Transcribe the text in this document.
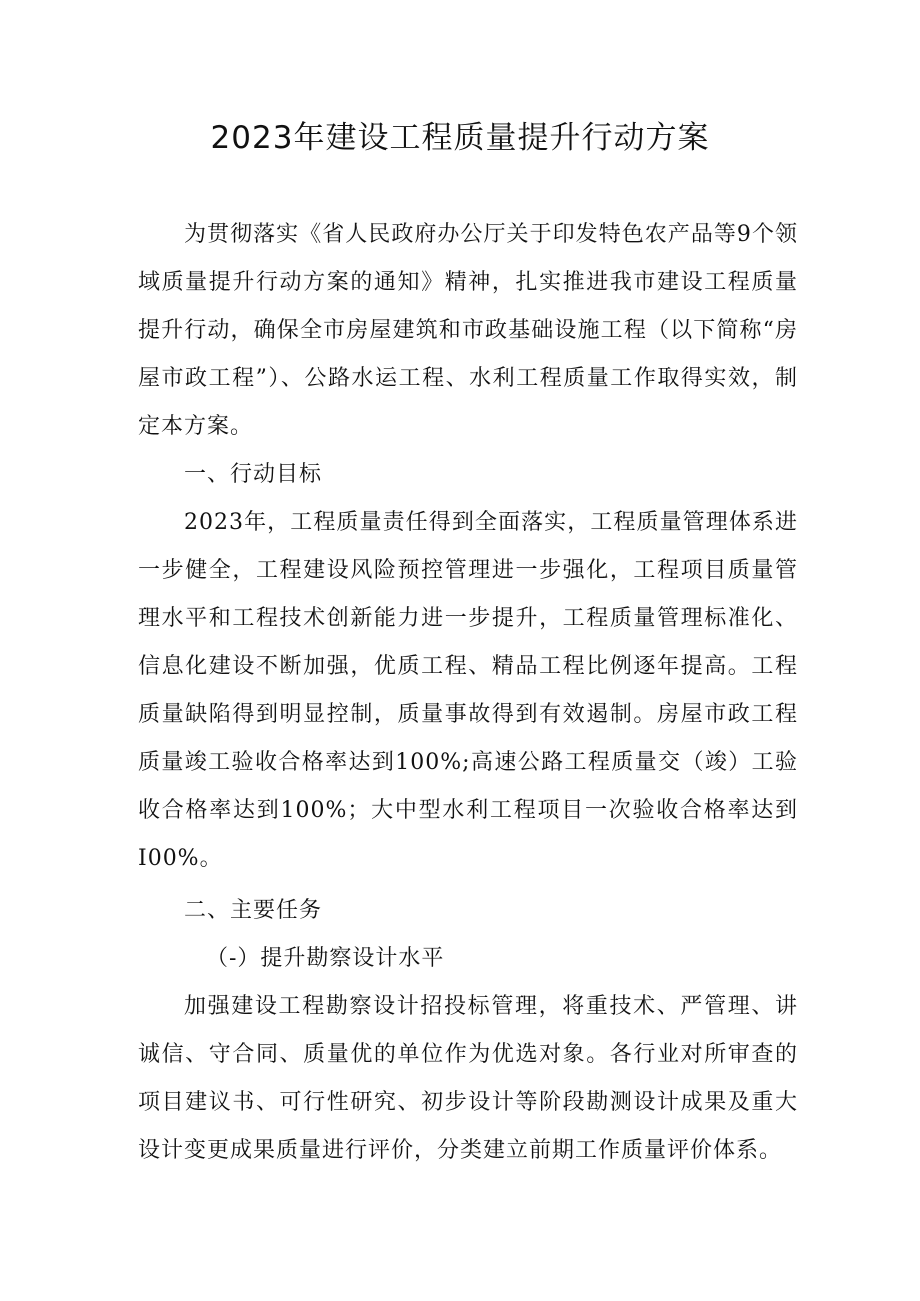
2023年建设工程质量提升行动方案

为贯彻落实《省人民政府办公厅关于印发特色农产品等9个领域质量提升行动方案的通知》精神，扎实推进我市建设工程质量提升行动，确保全市房屋建筑和市政基础设施工程（以下简称“房屋市政工程”）、公路水运工程、水利工程质量工作取得实效，制定本方案。

一、行动目标

2023年，工程质量责任得到全面落实，工程质量管理体系进一步健全，工程建设风险预控管理进一步强化，工程项目质量管理水平和工程技术创新能力进一步提升，工程质量管理标准化、信息化建设不断加强，优质工程、精品工程比例逐年提高。工程质量缺陷得到明显控制，质量事故得到有效遏制。房屋市政工程质量竣工验收合格率达到100%;高速公路工程质量交（竣）工验收合格率达到100%；大中型水利工程项目一次验收合格率达到I00%。

二、主要任务

（-）提升勘察设计水平

加强建设工程勘察设计招投标管理，将重技术、严管理、讲诚信、守合同、质量优的单位作为优选对象。各行业对所审查的项目建议书、可行性研究、初步设计等阶段勘测设计成果及重大设计变更成果质量进行评价，分类建立前期工作质量评价体系。
